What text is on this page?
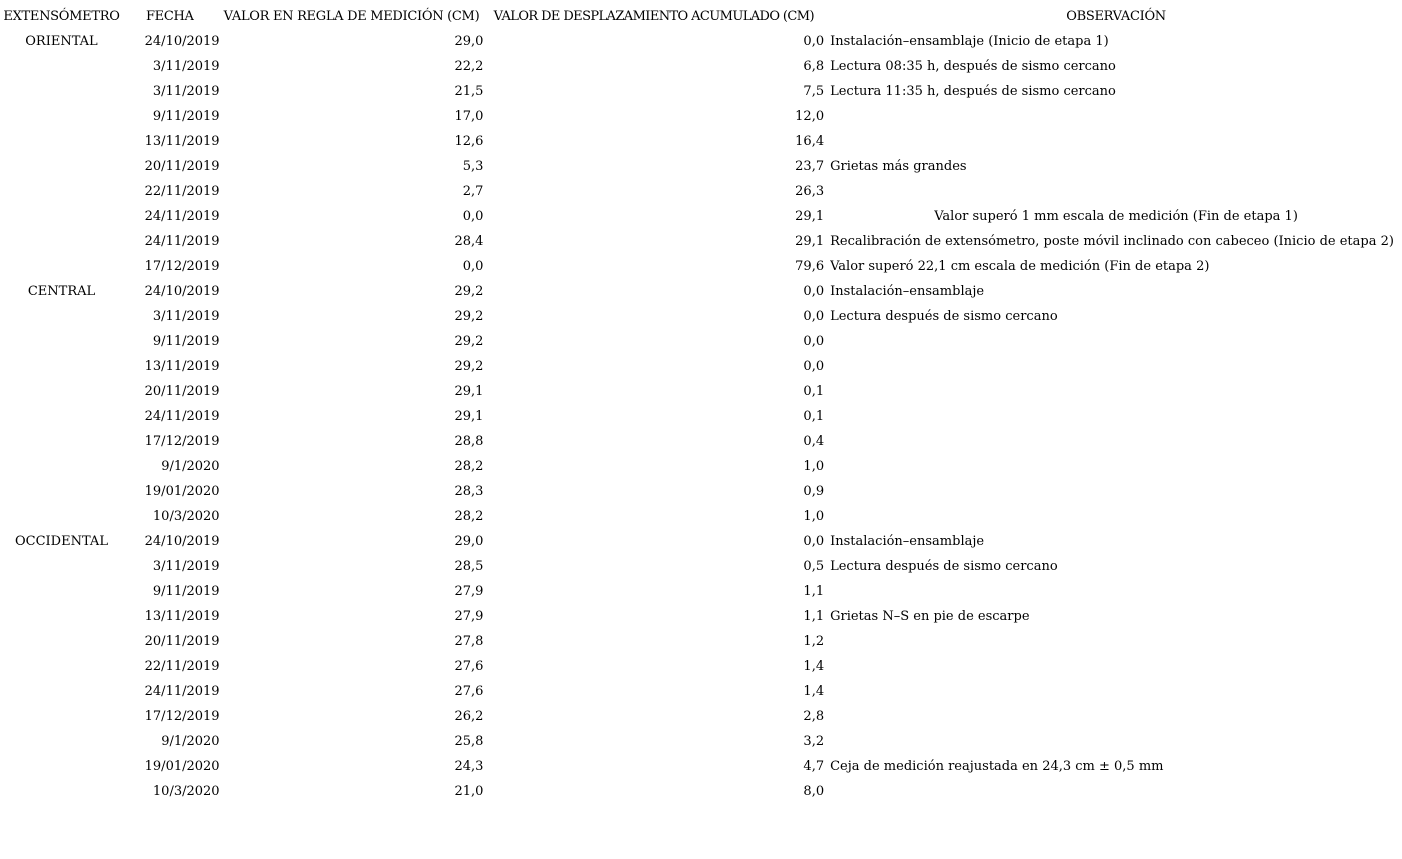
EXTENSÓMETRO	FECHA	VALOR EN REGLA DE MEDICIÓN (CM)	VALOR DE DESPLAZAMIENTO ACUMULADO (CM)	OBSERVACIÓN
ORIENTAL	24/10/2019	29,0	0,0	Instalación–ensamblaje (Inicio de etapa 1)
	3/11/2019	22,2	6,8	Lectura 08:35 h, después de sismo cercano
	3/11/2019	21,5	7,5	Lectura 11:35 h, después de sismo cercano
	9/11/2019	17,0	12,0	
	13/11/2019	12,6	16,4	
	20/11/2019	5,3	23,7	Grietas más grandes
	22/11/2019	2,7	26,3	
	24/11/2019	0,0	29,1	Valor superó 1 mm escala de medición (Fin de etapa 1)
	24/11/2019	28,4	29,1	Recalibración de extensómetro, poste móvil inclinado con cabeceo (Inicio de etapa 2)
	17/12/2019	0,0	79,6	Valor superó 22,1 cm escala de medición (Fin de etapa 2)
CENTRAL	24/10/2019	29,2	0,0	Instalación–ensamblaje
	3/11/2019	29,2	0,0	Lectura después de sismo cercano
	9/11/2019	29,2	0,0	
	13/11/2019	29,2	0,0	
	20/11/2019	29,1	0,1	
	24/11/2019	29,1	0,1	
	17/12/2019	28,8	0,4	
	9/1/2020	28,2	1,0	
	19/01/2020	28,3	0,9	
	10/3/2020	28,2	1,0	
OCCIDENTAL	24/10/2019	29,0	0,0	Instalación–ensamblaje
	3/11/2019	28,5	0,5	Lectura después de sismo cercano
	9/11/2019	27,9	1,1	
	13/11/2019	27,9	1,1	Grietas N–S en pie de escarpe
	20/11/2019	27,8	1,2	
	22/11/2019	27,6	1,4	
	24/11/2019	27,6	1,4	
	17/12/2019	26,2	2,8	
	9/1/2020	25,8	3,2	
	19/01/2020	24,3	4,7	Ceja de medición reajustada en 24,3 cm ± 0,5 mm
	10/3/2020	21,0	8,0	
